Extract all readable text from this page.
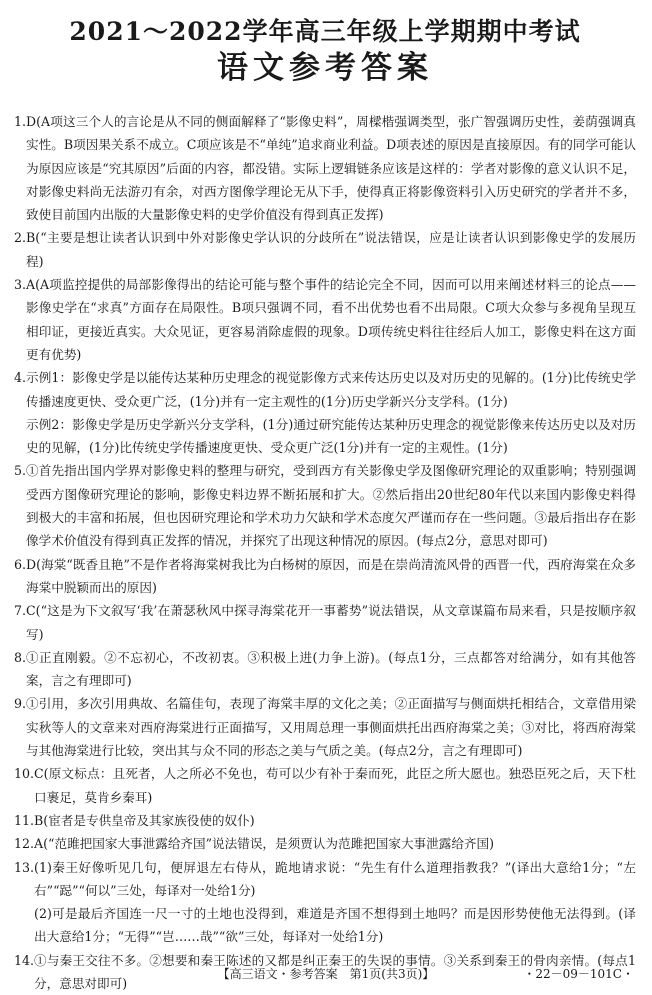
2021～2022学年高三年级上学期期中考试
语文参考答案
1. D(A项这三个人的言论是从不同的侧面解释了“影像史料”，周樑楷强调类型，张广智强调历史性，姜荫强调真实性。B项因果关系不成立。C项应该是不“单纯”追求商业利益。D项表述的原因是直接原因。有的同学可能认为原因应该是“究其原因”后面的内容，都没错。实际上逻辑链条应该是这样的：学者对影像的意义认识不足，对影像史料尚无法游刃有余，对西方图像学理论无从下手，使得真正将影像资料引入历史研究的学者并不多，致使目前国内出版的大量影像史料的史学价值没有得到真正发挥)

2. B(“主要是想让读者认识到中外对影像史学认识的分歧所在”说法错误，应是让读者认识到影像史学的发展历程)

3. A(A项监控提供的局部影像得出的结论可能与整个事件的结论完全不同，因而可以用来阐述材料三的论点——影像史学在“求真”方面存在局限性。B项只强调不同，看不出优势也看不出局限。C项大众参与多视角呈现互相印证，更接近真实。大众见证，更容易消除虚假的现象。D项传统史料往往经后人加工，影像史料在这方面更有优势)

4. 示例1：影像史学是以能传达某种历史理念的视觉影像方式来传达历史以及对历史的见解的。(1分)比传统史学传播速度更快、受众更广泛，(1分)并有一定主观性的(1分)历史学新兴分支学科。(1分)

示例2：影像史学是历史学新兴分支学科，(1分)通过研究能传达某种历史理念的视觉影像来传达历史以及对历史的见解，(1分)比传统史学传播速度更快、受众更广泛(1分)并有一定的主观性。(1分)

5. ①首先指出国内学界对影像史料的整理与研究，受到西方有关影像史学及图像研究理论的双重影响；特别强调受西方图像研究理论的影响，影像史料边界不断拓展和扩大。②然后指出20世纪80年代以来国内影像史料得到极大的丰富和拓展，但也因研究理论和学术功力欠缺和学术态度欠严谨而存在一些问题。③最后指出存在影像学术价值没有得到真正发挥的情况，并探究了出现这种情况的原因。(每点2分，意思对即可)

6. D(海棠“既香且艳”不是作者将海棠树我比为白杨树的原因，而是在崇尚清流风骨的西晋一代，西府海棠在众多海棠中脱颖而出的原因)

7. C(“这是为下文叙写‘我’在萧瑟秋风中探寻海棠花开一事蓄势”说法错误，从文章谋篇布局来看，只是按顺序叙写)

8. ①正直刚毅。②不忘初心，不改初衷。③积极上进(力争上游)。(每点1分，三点都答对给满分，如有其他答案，言之有理即可)

9. ①引用，多次引用典故、名篇佳句，表现了海棠丰厚的文化之美；②正面描写与侧面烘托相结合，文章借用梁实秋等人的文章来对西府海棠进行正面描写，又用周总理一事侧面烘托出西府海棠之美；③对比，将西府海棠与其他海棠进行比较，突出其与众不同的形态之美与气质之美。(每点2分，言之有理即可)

10. C(原文标点：且死者，人之所必不免也，苟可以少有补于秦而死，此臣之所大愿也。独恐臣死之后，天下杜口裹足，莫肯乡秦耳)

11. B(宦者是专供皇帝及其家族役使的奴仆)

12. A(“范雎把国家大事泄露给齐国”说法错误，是须贾认为范雎把国家大事泄露给齐国)

13. (1)秦王好像听见几句，便屏退左右侍从，跪地请求说：“先生有什么道理指教我？”(译出大意给1分；“左右”“跽”“何以”三处，每译对一处给1分)

(2)可是最后齐国连一尺一寸的土地也没得到，难道是齐国不想得到土地吗？而是因形势使他无法得到。(译出大意给1分；“无得”“岂……哉”“欲”三处，每译对一处给1分)

14. ①与秦王交往不多。②想要和秦王陈述的又都是纠正秦王的失误的事情。③关系到秦王的骨肉亲情。(每点1分，意思对即可)

【高三语文・参考答案　第1页(共3页)】	・22－09－101C・
